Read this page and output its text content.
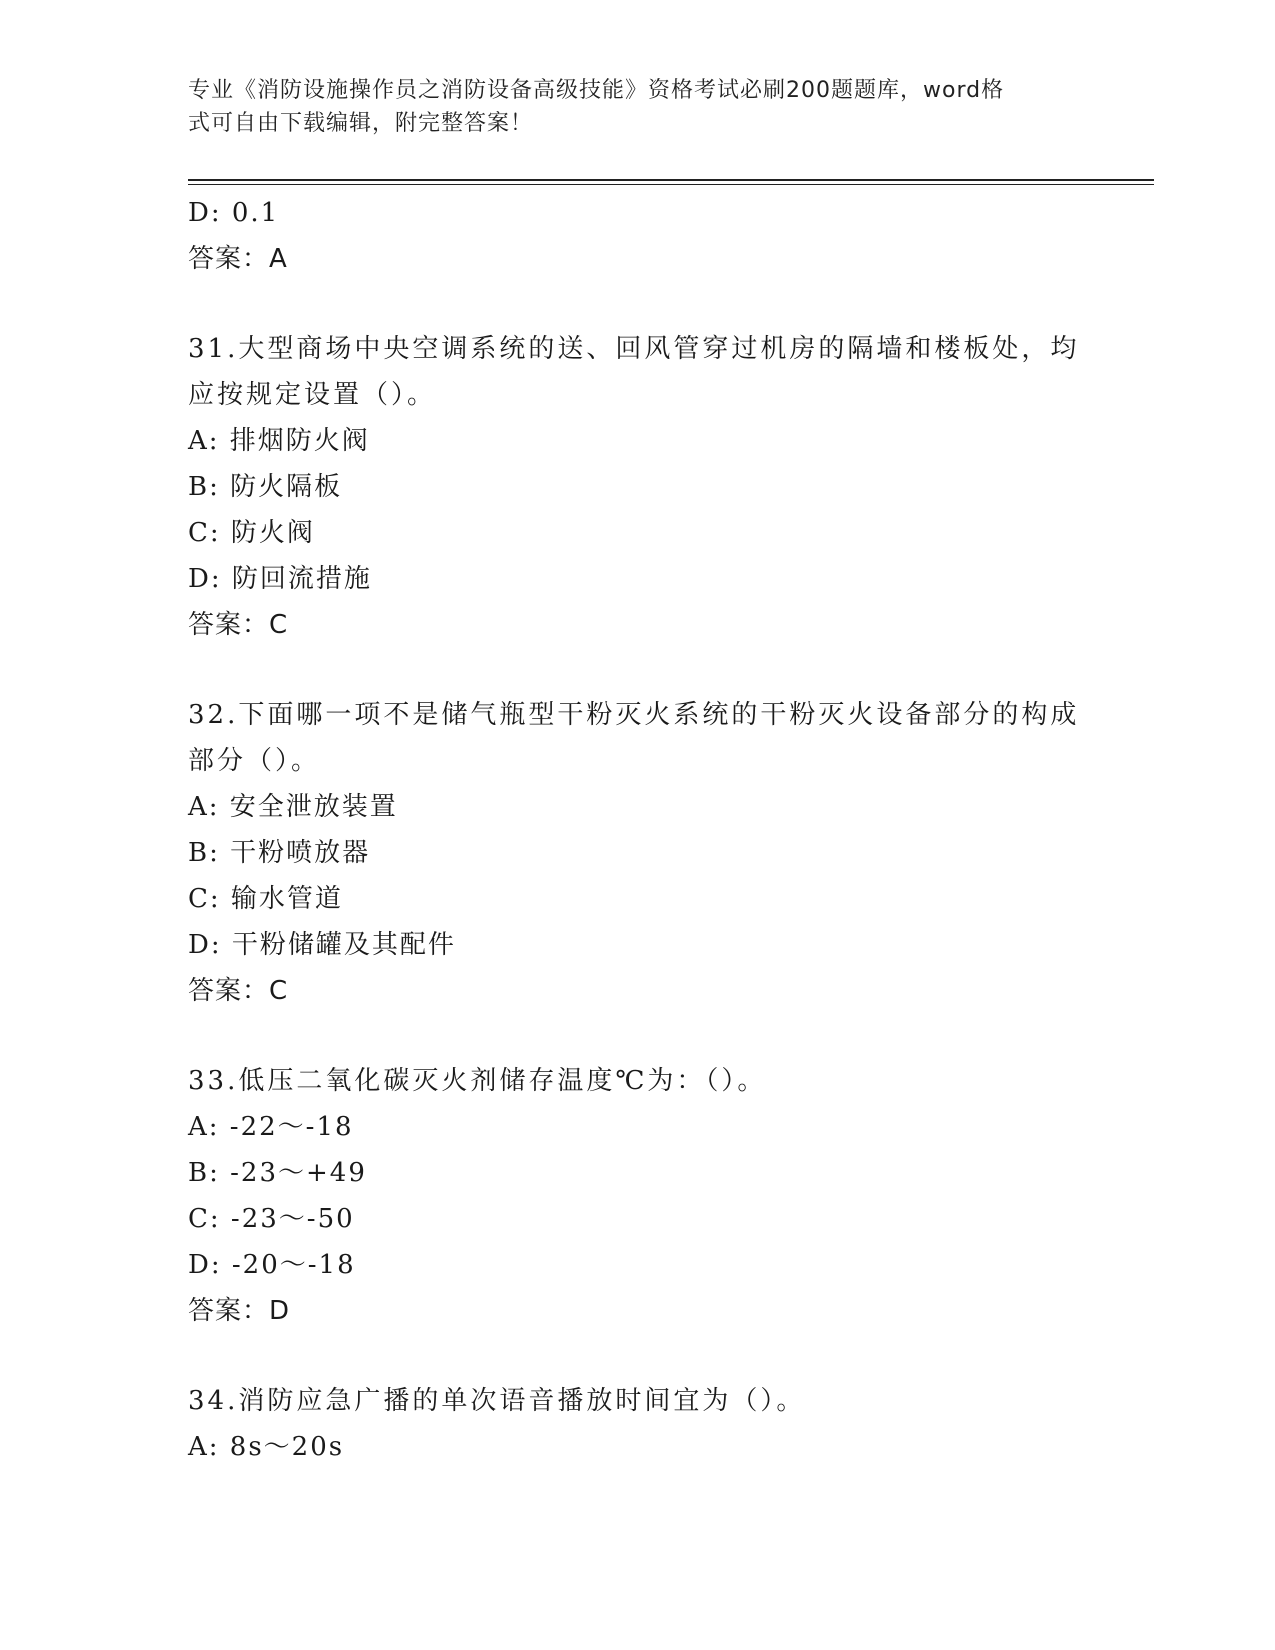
专业《消防设施操作员之消防设备高级技能》资格考试必刷200题题库，word格
式可自由下载编辑，附完整答案！
D: 0.1
答案：A
31.大型商场中央空调系统的送、回风管穿过机房的隔墙和楼板处，均
应按规定设置（）。
A: 排烟防火阀
B: 防火隔板
C: 防火阀
D: 防回流措施
答案：C
32.下面哪一项不是储气瓶型干粉灭火系统的干粉灭火设备部分的构成
部分（）。
A: 安全泄放装置
B: 干粉喷放器
C: 输水管道
D: 干粉储罐及其配件
答案：C
33.低压二氧化碳灭火剂储存温度℃为：（）。
A: -22～-18
B: -23～+49
C: -23～-50
D: -20～-18
答案：D
34.消防应急广播的单次语音播放时间宜为（）。
A: 8s～20s
